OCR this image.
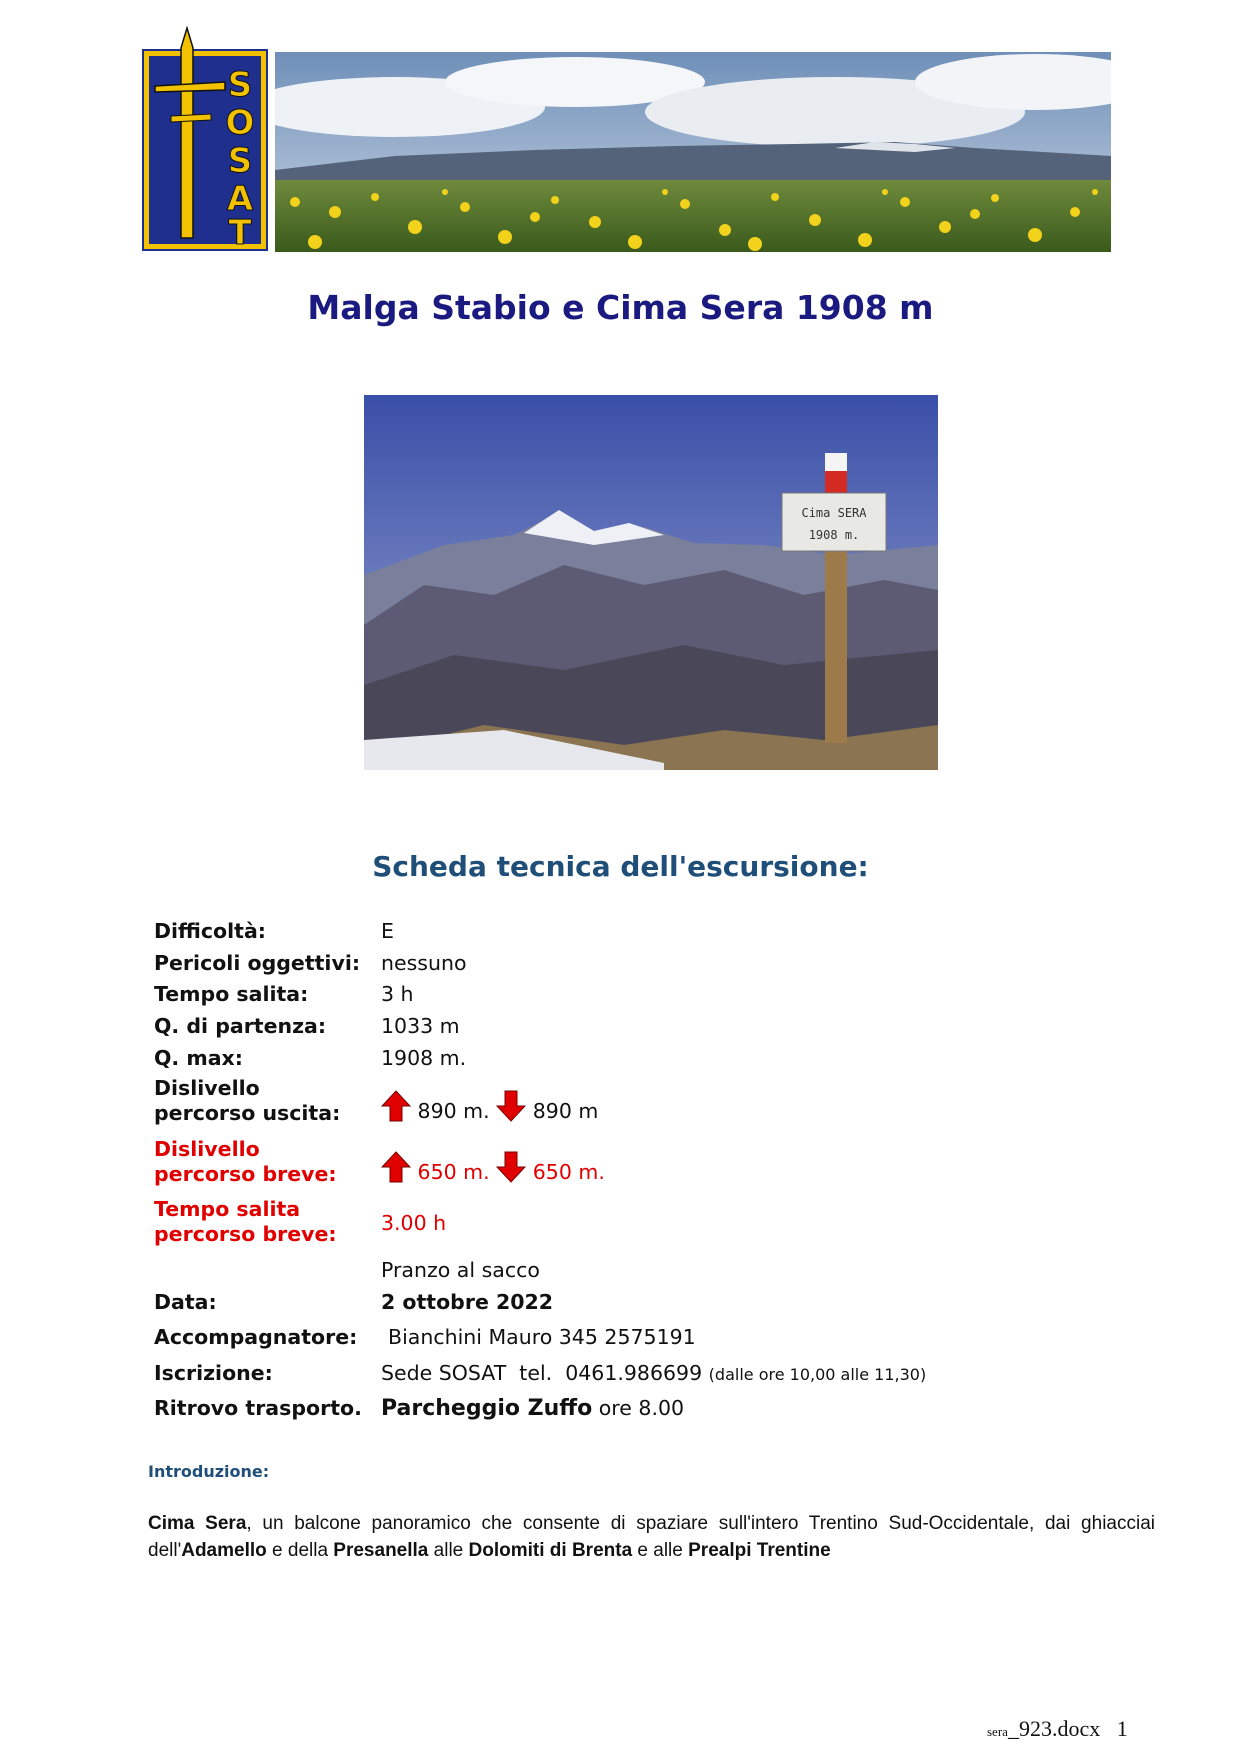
S
O
S
A
T
Malga Stabio e Cima Sera 1908 m
Cima SERA
1908 m.
Scheda tecnica dell'escursione:
Difficoltà:	E
Pericoli oggettivi: nessuno
Tempo salita:	3 h
Q. di partenza:	1033 m
Q. max:	1908 m.
Dislivello
percorso uscita:	890 m. 890 m
Dislivello
percorso breve:	650 m. 650 m.
Tempo salita
percorso breve: 3.00 h
Pranzo al sacco
Data:	2 ottobre 2022
Accompagnatore: Bianchini Mauro 345 2575191
Iscrizione:	Sede SOSAT  tel.  0461.986699 (dalle ore 10,00 alle 11,30)
Ritrovo trasporto. Parcheggio Zuffo ore 8.00
Introduzione:
Cima Sera, un balcone panoramico che consente di spaziare sull'intero Trentino Sud-Occidentale, dai ghiacciai dell'Adamello e della Presanella alle Dolomiti di Brenta e alle Prealpi Trentine
sera_923.docx 1
